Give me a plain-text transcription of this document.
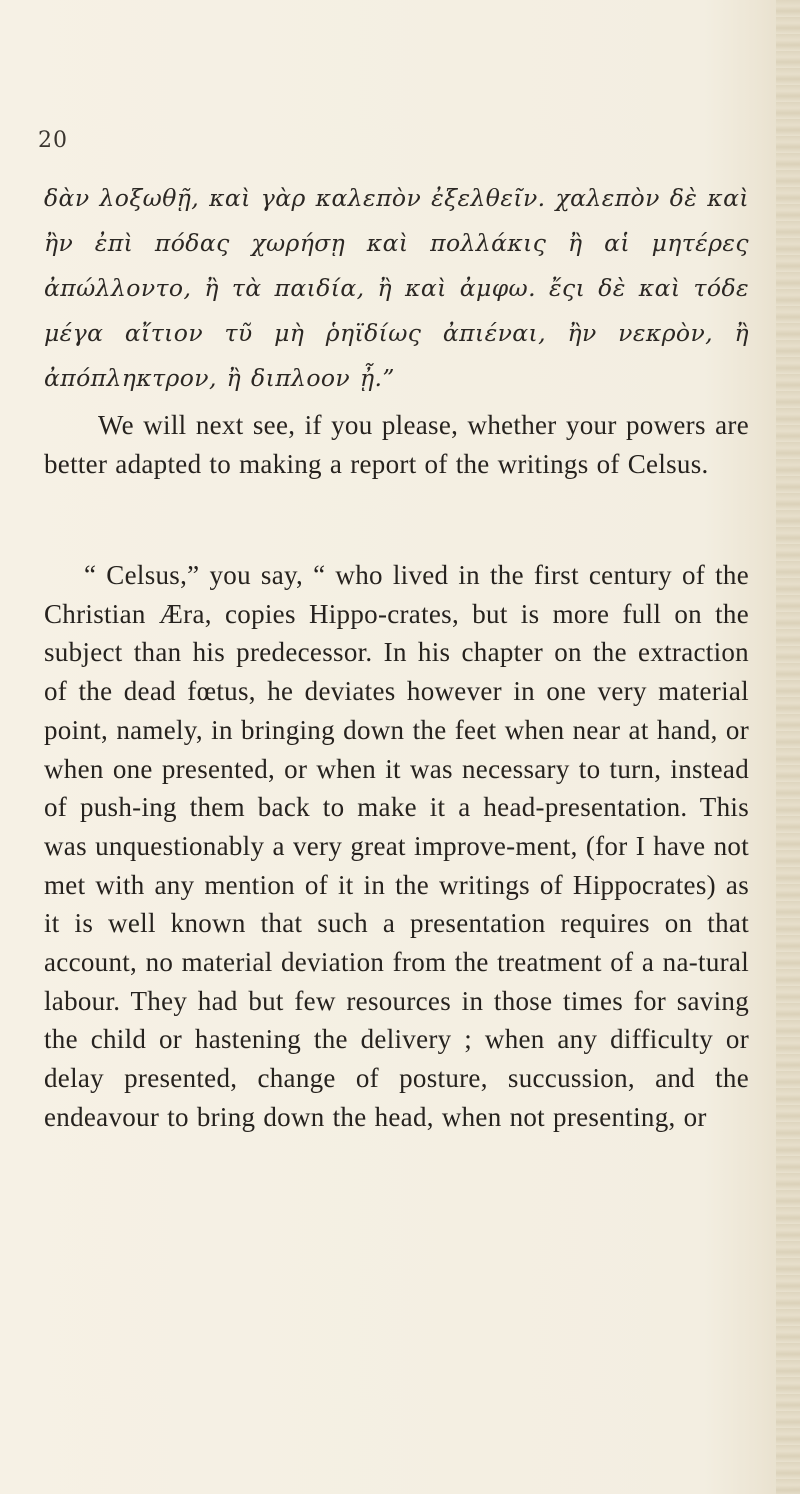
20

δὰν λοξωθῇ, καὶ γὰρ καλεπὸν ἐξελθεῖν. χαλεπὸν δὲ καὶ ἢν ἐπὶ πόδας χωρήσῃ καὶ πολλάκις ἢ αἱ μητέρες ἀπώλλοντο, ἢ τὰ παιδία, ἢ καὶ ἀμφω. ἔςι δὲ καὶ τόδε μέγα αἴτιον τῦ μὴ ῥηϊδίως ἀπιέναι, ἢν νεκρὸν, ἢ ἀπόπληκτρον, ἢ διπλοον ᾖ.”

We will next see, if you please, whether your powers are better adapted to making a report of the writings of Celsus.

“ Celsus,” you say, “ who lived in the first century of the Christian Æra, copies Hippo-crates, but is more full on the subject than his predecessor. In his chapter on the extraction of the dead fœtus, he deviates however in one very material point, namely, in bringing down the feet when near at hand, or when one presented, or when it was necessary to turn, instead of push-ing them back to make it a head-presentation. This was unquestionably a very great improve-ment, (for I have not met with any mention of it in the writings of Hippocrates) as it is well known that such a presentation requires on that account, no material deviation from the treatment of a na-tural labour. They had but few resources in those times for saving the child or hastening the delivery ; when any difficulty or delay presented, change of posture, succussion, and the endeavour to bring down the head, when not presenting, or
